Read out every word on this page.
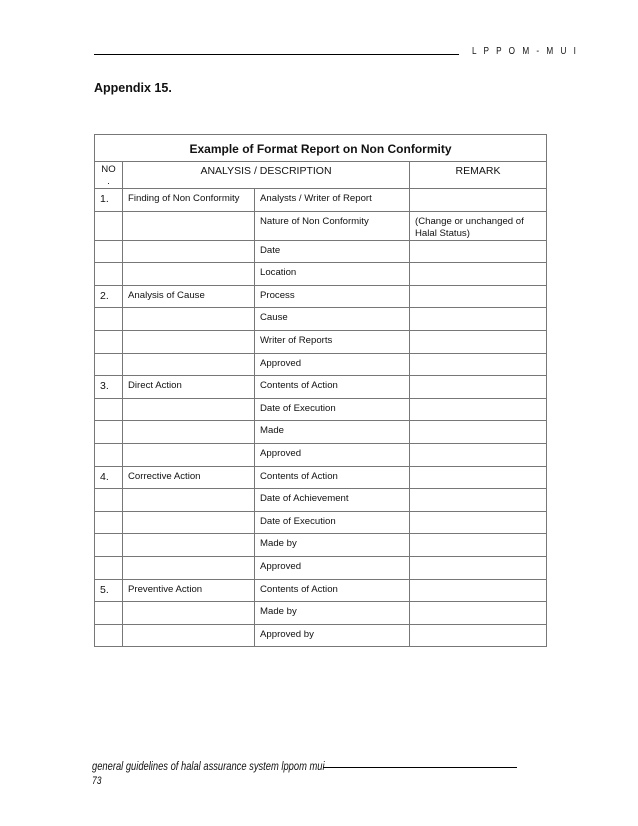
L P P O M - M U I
Appendix 15.
Example of Format Report on Non Conformity			
NO
.	ANALYSIS / DESCRIPTION		REMARK
1.	Finding of Non Conformity	Analysts / Writer of Report	
		Nature of Non Conformity	(Change or unchanged of Halal Status)
		Date	
		Location	
2.	Analysis of Cause	Process	
		Cause	
		Writer of Reports	
		Approved	
3.	Direct Action	Contents of Action	
		Date of Execution	
		Made	
		Approved	
4.	Corrective Action	Contents of Action	
		Date of Achievement	
		Date of Execution	
		Made by	
		Approved	
5.	Preventive Action	Contents of Action	
		Made by	
		Approved by	
general guidelines of halal assurance system lppom mui
73
